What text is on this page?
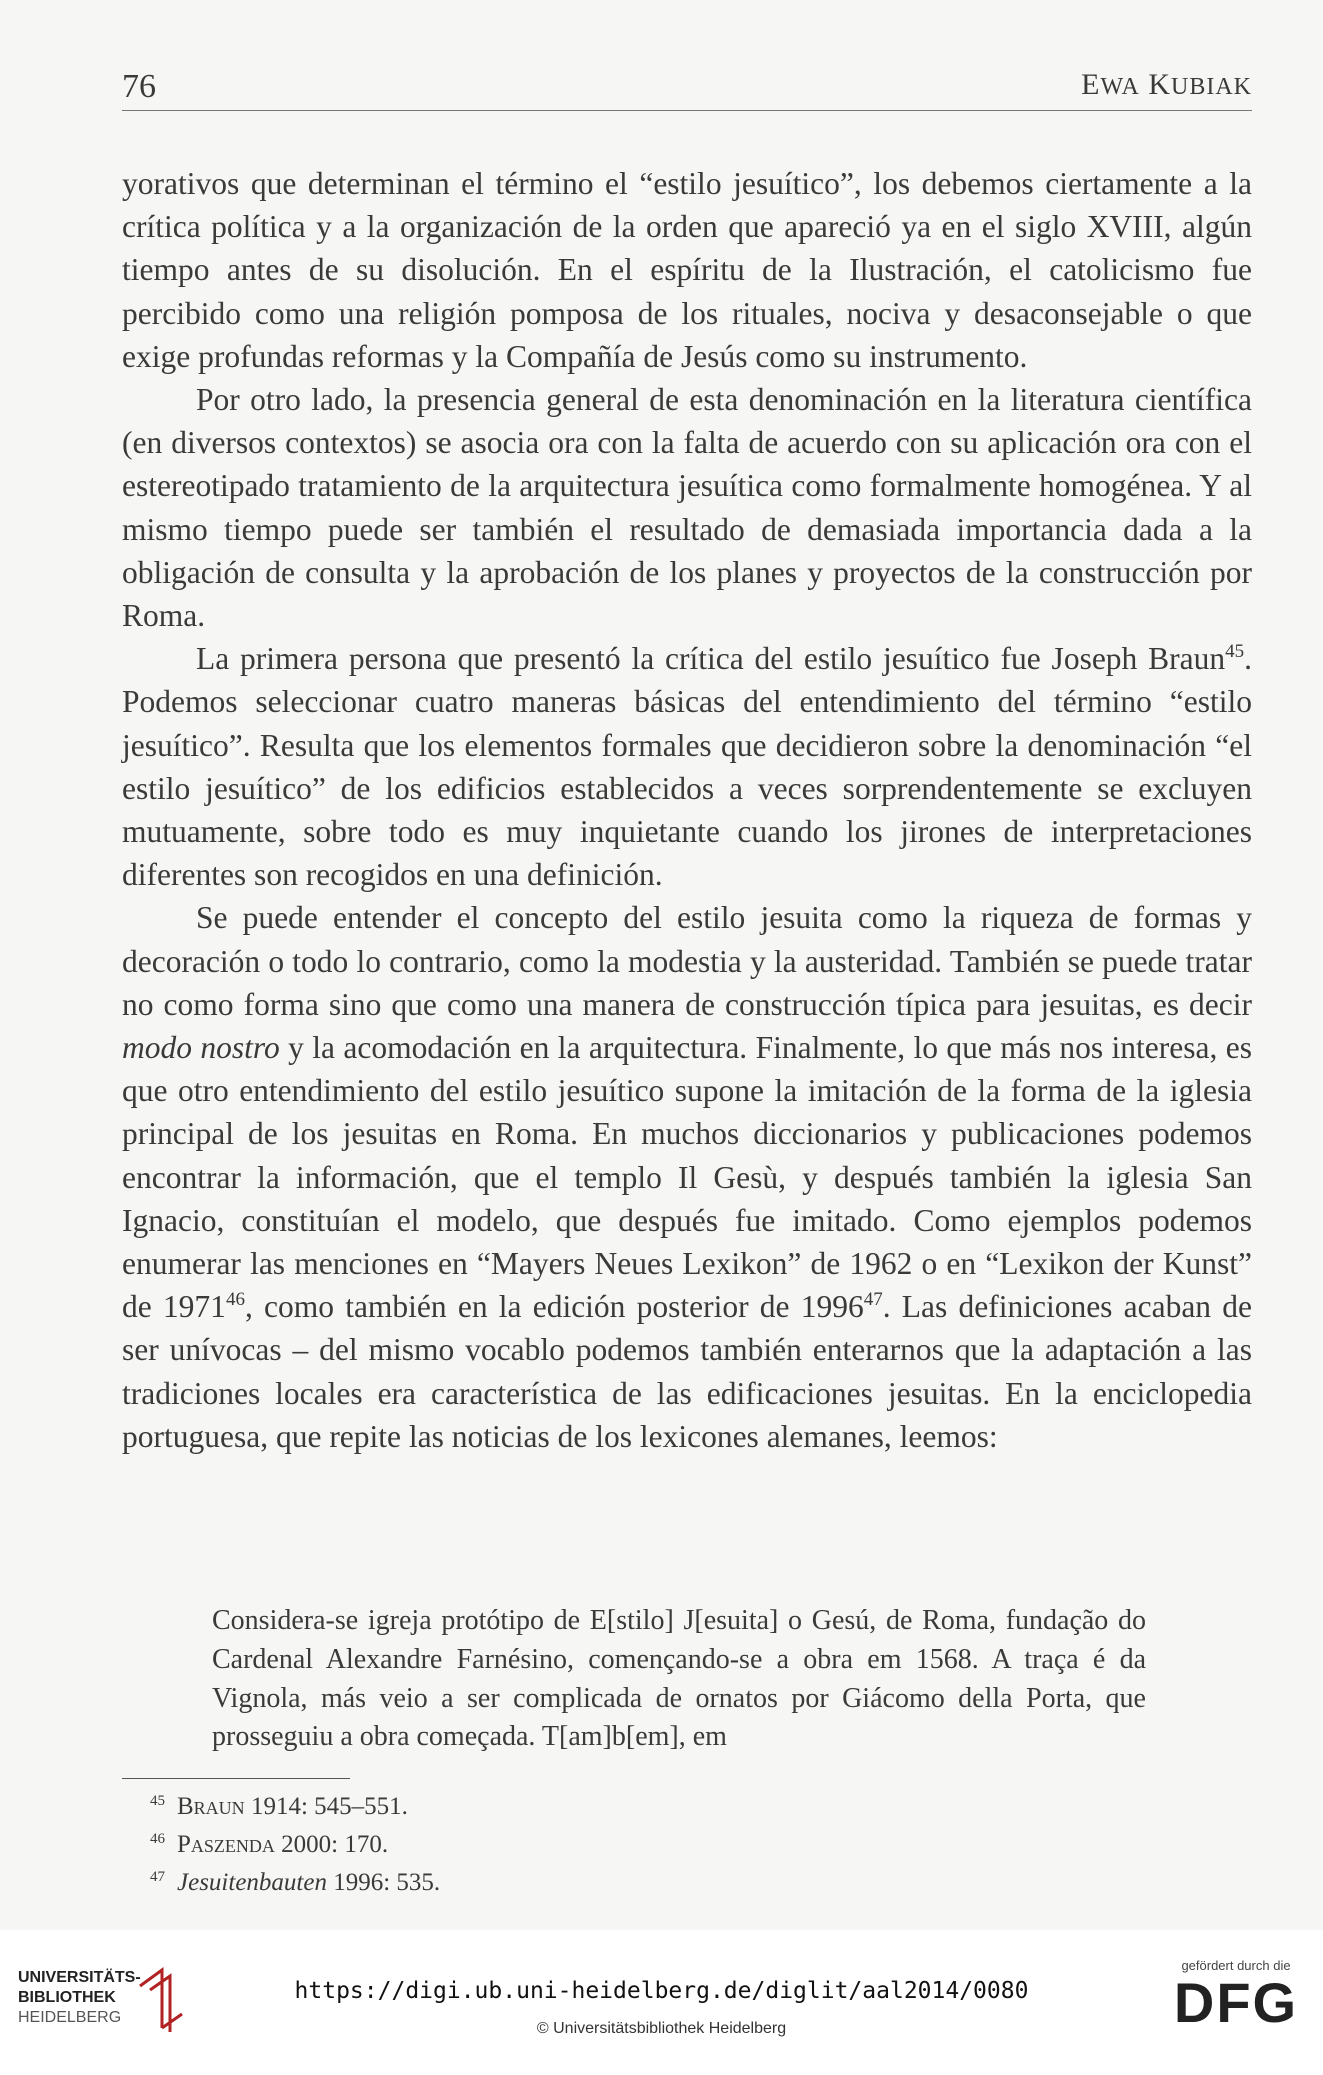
76	EWA KUBIAK

yorativos que determinan el término el “estilo jesuítico”, los debemos ciertamente a la crítica política y a la organización de la orden que apareció ya en el siglo XVIII, algún tiempo antes de su disolución. En el espíritu de la Ilustración, el catolicismo fue percibido como una religión pomposa de los rituales, nociva y desaconsejable o que exige profundas reformas y la Compañía de Jesús como su instrumento.

Por otro lado, la presencia general de esta denominación en la literatura científica (en diversos contextos) se asocia ora con la falta de acuerdo con su aplicación ora con el estereotipado tratamiento de la arquitectura jesuítica como formalmente homogénea. Y al mismo tiempo puede ser también el resultado de demasiada importancia dada a la obligación de consulta y la aprobación de los planes y proyectos de la construcción por Roma.

La primera persona que presentó la crítica del estilo jesuítico fue Joseph Braun$^{45}$. Podemos seleccionar cuatro maneras básicas del entendimiento del término “estilo jesuítico”. Resulta que los elementos formales que decidieron sobre la denominación “el estilo jesuítico” de los edificios establecidos a veces sorprendentemente se excluyen mutuamente, sobre todo es muy inquietante cuando los jirones de interpretaciones diferentes son recogidos en una definición.

Se puede entender el concepto del estilo jesuita como la riqueza de formas y decoración o todo lo contrario, como la modestia y la austeridad. También se puede tratar no como forma sino que como una manera de construcción típica para jesuitas, es decir modo nostro y la acomodación en la arquitectura. Finalmente, lo que más nos interesa, es que otro entendimiento del estilo jesuítico supone la imitación de la forma de la iglesia principal de los jesuitas en Roma. En muchos diccionarios y publicaciones podemos encontrar la información, que el templo Il Gesù, y después también la iglesia San Ignacio, constituían el modelo, que después fue imitado. Como ejemplos podemos enumerar las menciones en “Mayers Neues Lexikon” de 1962 o en “Lexikon der Kunst” de 1971$^{46}$, como también en la edición posterior de 1996$^{47}$. Las definiciones acaban de ser unívocas – del mismo vocablo podemos también enterarnos que la adaptación a las tradiciones locales era característica de las edificaciones jesuitas. En la enciclopedia portuguesa, que repite las noticias de los lexicones alemanes, leemos:

Considera-se igreja protótipo de E[stilo] J[esuita] o Gesú, de Roma, fundação do Cardenal Alexandre Farnésino, començando-se a obra em 1568. A traça é da Vignola, más veio a ser complicada de ornatos por Giácomo della Porta, que prosseguiu a obra começada. T[am]b[em], em
$^{45}$ Braun 1914: 545–551.
$^{46}$ Paszenda 2000: 170.
$^{47}$ Jesuitenbauten 1996: 535.
UNIVERSITÄTS-
BIBLIOTHEK
HEIDELBERG
https://digi.ub.uni-heidelberg.de/diglit/aal2014/0080
© Universitätsbibliothek Heidelberg
gefördert durch die
DFG
